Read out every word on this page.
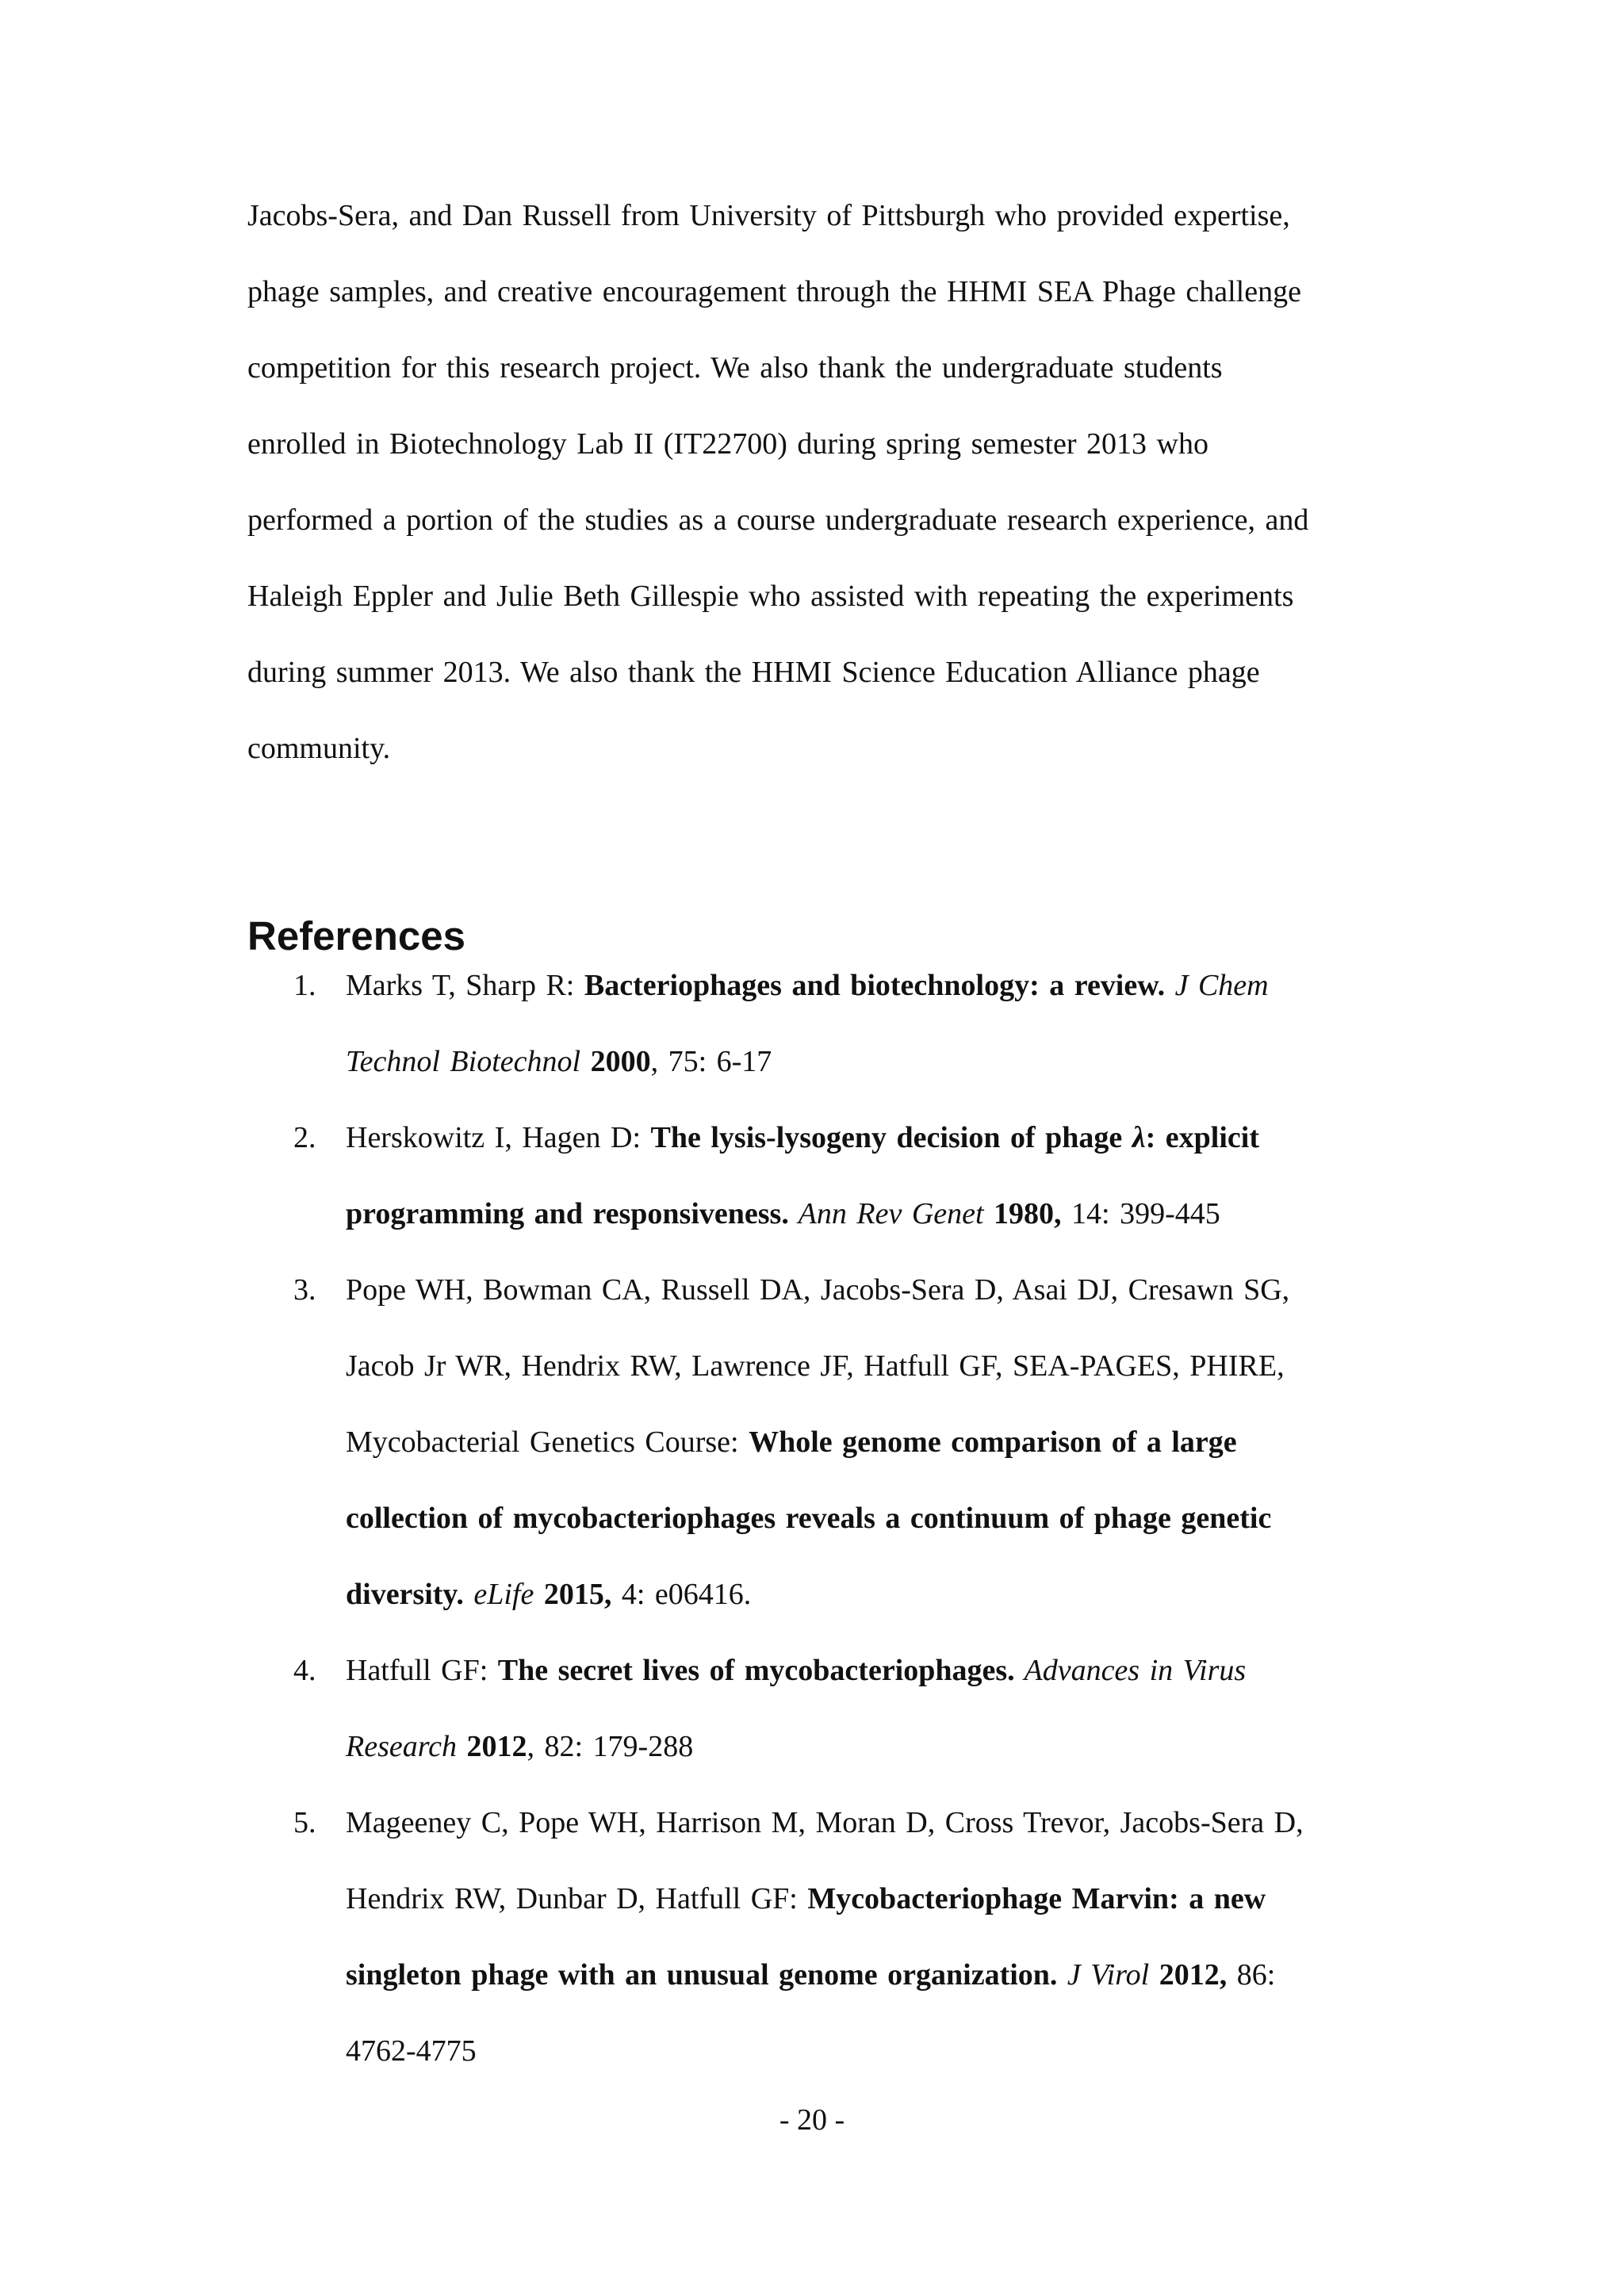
Jacobs-Sera, and Dan Russell from University of Pittsburgh who provided expertise,
phage samples, and creative encouragement through the HHMI SEA Phage challenge
competition for this research project. We also thank the undergraduate students
enrolled in Biotechnology Lab II (IT22700) during spring semester 2013 who
performed a portion of the studies as a course undergraduate research experience, and
Haleigh Eppler and Julie Beth Gillespie who assisted with repeating the experiments
during summer 2013. We also thank the HHMI Science Education Alliance phage
community.
References
1. Marks T, Sharp R: Bacteriophages and biotechnology: a review. J Chem
Technol Biotechnol 2000, 75: 6-17
2. Herskowitz I, Hagen D: The lysis-lysogeny decision of phage λ: explicit
programming and responsiveness. Ann Rev Genet 1980, 14: 399-445
3. Pope WH, Bowman CA, Russell DA, Jacobs-Sera D, Asai DJ, Cresawn SG,
Jacob Jr WR, Hendrix RW, Lawrence JF, Hatfull GF, SEA-PAGES, PHIRE,
Mycobacterial Genetics Course: Whole genome comparison of a large
collection of mycobacteriophages reveals a continuum of phage genetic
diversity. eLife 2015, 4: e06416.
4. Hatfull GF: The secret lives of mycobacteriophages. Advances in Virus
Research 2012, 82: 179-288
5. Mageeney C, Pope WH, Harrison M, Moran D, Cross Trevor, Jacobs-Sera D,
Hendrix RW, Dunbar D, Hatfull GF: Mycobacteriophage Marvin: a new
singleton phage with an unusual genome organization. J Virol 2012, 86:
4762-4775
- 20 -
